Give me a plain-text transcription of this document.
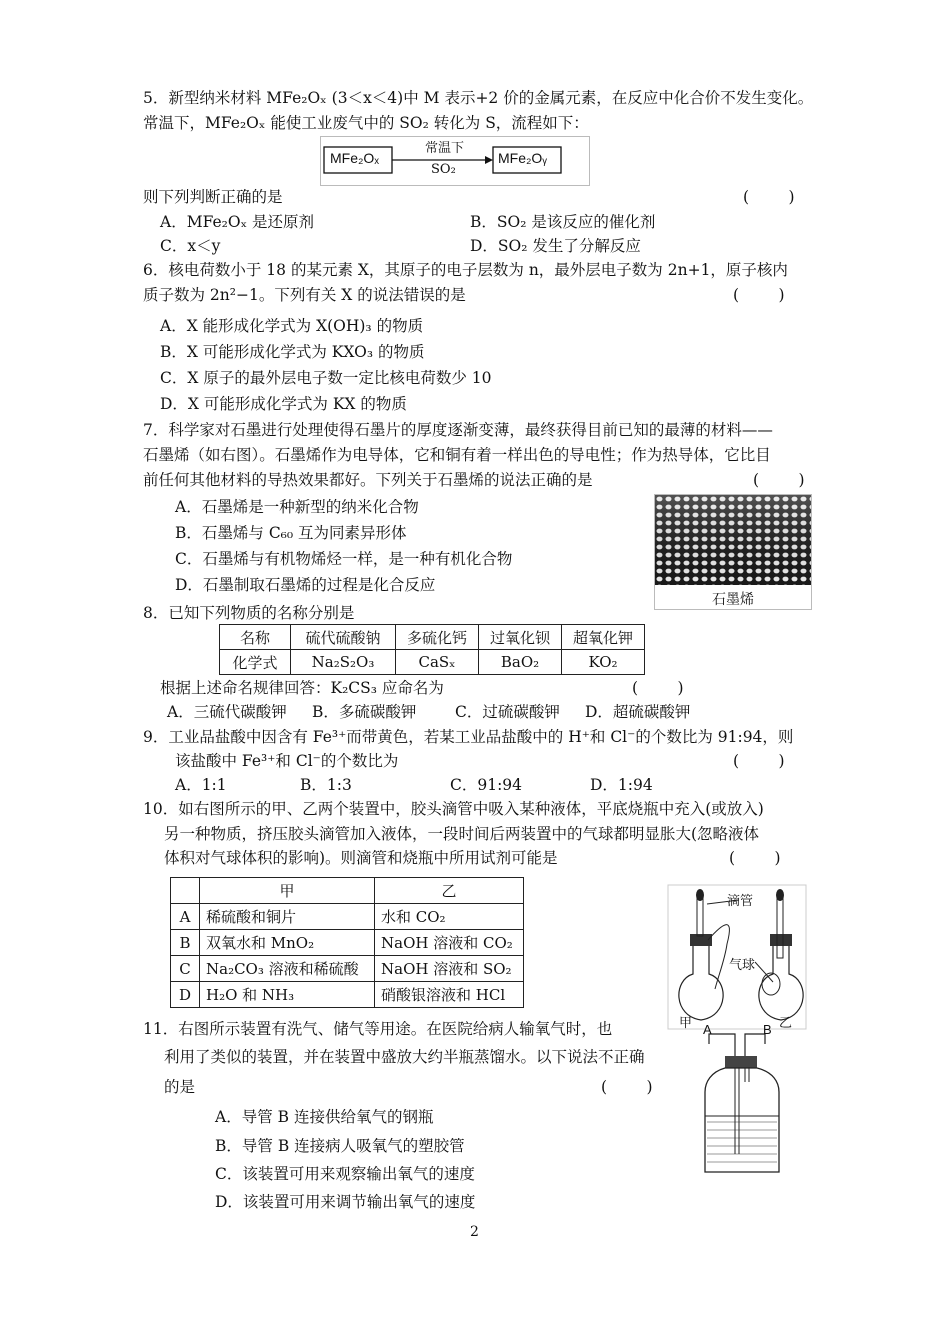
5．新型纳米材料 MFe₂Oₓ (3＜x＜4)中 M 表示+2 价的金属元素，在反应中化合价不发生变化。
常温下，MFe₂Oₓ 能使工业废气中的 SO₂ 转化为 S，流程如下：
MFe₂Oₓ
常温下
SO₂
MFe₂Oᵧ
则下列判断正确的是	(        )
A．MFe₂Oₓ 是还原剂	B．SO₂ 是该反应的催化剂
C．x＜y	D．SO₂ 发生了分解反应
6．核电荷数小于 18 的某元素 X，其原子的电子层数为 n，最外层电子数为 2n+1，原子核内
质子数为 2n²−1。下列有关 X 的说法错误的是	(        )
A．X 能形成化学式为 X(OH)₃ 的物质
B．X 可能形成化学式为 KXO₃ 的物质
C．X 原子的最外层电子数一定比核电荷数少 10
D．X 可能形成化学式为 KX 的物质
7．科学家对石墨进行处理使得石墨片的厚度逐渐变薄，最终获得目前已知的最薄的材料——
石墨烯（如右图）。石墨烯作为电导体，它和铜有着一样出色的导电性；作为热导体，它比目
前任何其他材料的导热效果都好。下列关于石墨烯的说法正确的是	(        )
A．石墨烯是一种新型的纳米化合物
B．石墨烯与 C₆₀ 互为同素异形体
C．石墨烯与有机物烯烃一样，是一种有机化合物
D．石墨制取石墨烯的过程是化合反应
石墨烯
8．已知下列物质的名称分别是
名称	硫代硫酸钠	多硫化钙	过氧化钡	超氧化钾
化学式	Na₂S₂O₃	CaSₓ	BaO₂	KO₂
根据上述命名规律回答：K₂CS₃ 应命名为	(        )
A．三硫代碳酸钾 B．多硫碳酸钾 C．过硫碳酸钾 D．超硫碳酸钾
9．工业品盐酸中因含有 Fe³⁺而带黄色，若某工业品盐酸中的 H⁺和 Cl⁻的个数比为 91:94，则
该盐酸中 Fe³⁺和 Cl⁻的个数比为	(        )
A．1:1	B．1:3	C．91:94	D．1:94
10．如右图所示的甲、乙两个装置中，胶头滴管中吸入某种液体，平底烧瓶中充入(或放入)
另一种物质，挤压胶头滴管加入液体，一段时间后两装置中的气球都明显胀大(忽略液体
体积对气球体积的影响)。则滴管和烧瓶中所用试剂可能是	(        )
	甲	乙
A	稀硫酸和铜片	水和 CO₂
B	双氧水和 MnO₂	NaOH 溶液和 CO₂
C	Na₂CO₃ 溶液和稀硫酸	NaOH 溶液和 SO₂
D	H₂O 和 NH₃	硝酸银溶液和 HCl
滴管
气球
甲	乙
11．右图所示装置有洗气、储气等用途。在医院给病人输氧气时，也
利用了类似的装置，并在装置中盛放大约半瓶蒸馏水。以下说法不正确
的是	(        )
A．导管 B 连接供给氧气的钢瓶
B．导管 B 连接病人吸氧气的塑胶管
C．该装置可用来观察输出氧气的速度
D．该装置可用来调节输出氧气的速度
A	B
2
